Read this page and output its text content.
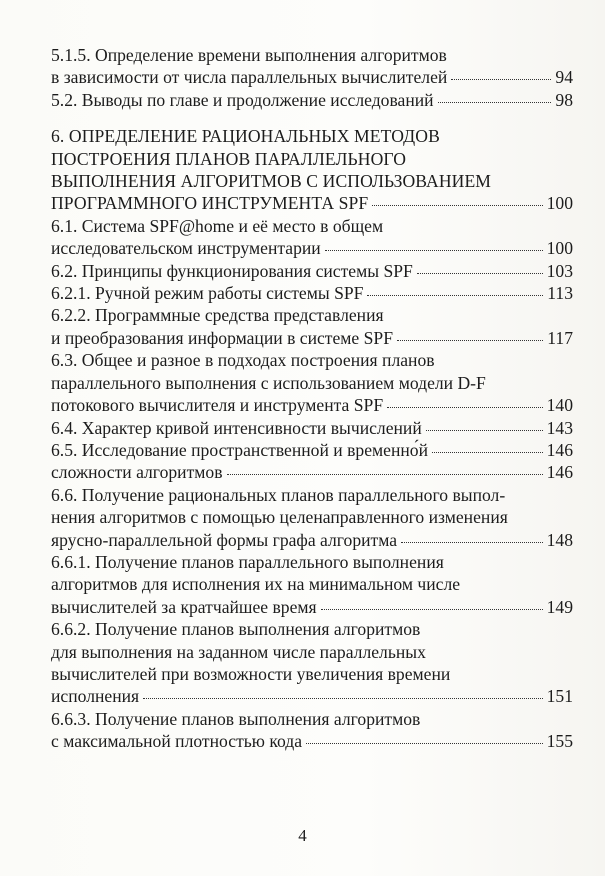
5.1.5. Определение времени выполнения алгоритмов
в зависимости от числа параллельных вычислителей	94
5.2. Выводы по главе и продолжение исследований	98
6. ОПРЕДЕЛЕНИЕ РАЦИОНАЛЬНЫХ МЕТОДОВ
ПОСТРОЕНИЯ ПЛАНОВ ПАРАЛЛЕЛЬНОГО
ВЫПОЛНЕНИЯ АЛГОРИТМОВ С ИСПОЛЬЗОВАНИЕМ
ПРОГРАММНОГО ИНСТРУМЕНТА SPF	100
6.1. Система SPF@home и её место в общем
исследовательском инструментарии	100
6.2. Принципы функционирования системы SPF	103
6.2.1. Ручной режим работы системы SPF	113
6.2.2. Программные средства представления
и преобразования информации в системе SPF	117
6.3. Общее и разное в подходах построения планов
параллельного выполнения с использованием модели D-F
потокового вычислителя и инструмента SPF	140
6.4. Характер кривой интенсивности вычислений	143
6.5. Исследование пространственной и временно́й	146
сложности алгоритмов	146
6.6. Получение рациональных планов параллельного выпол-
нения алгоритмов с помощью целенаправленного изменения
ярусно-параллельной формы графа алгоритма	148
6.6.1. Получение планов параллельного выполнения
алгоритмов для исполнения их на минимальном числе
вычислителей за кратчайшее время	149
6.6.2. Получение планов выполнения алгоритмов
для выполнения на заданном числе параллельных
вычислителей при возможности увеличения времени
исполнения	151
6.6.3. Получение планов выполнения алгоритмов
с максимальной плотностью кода	155
4
